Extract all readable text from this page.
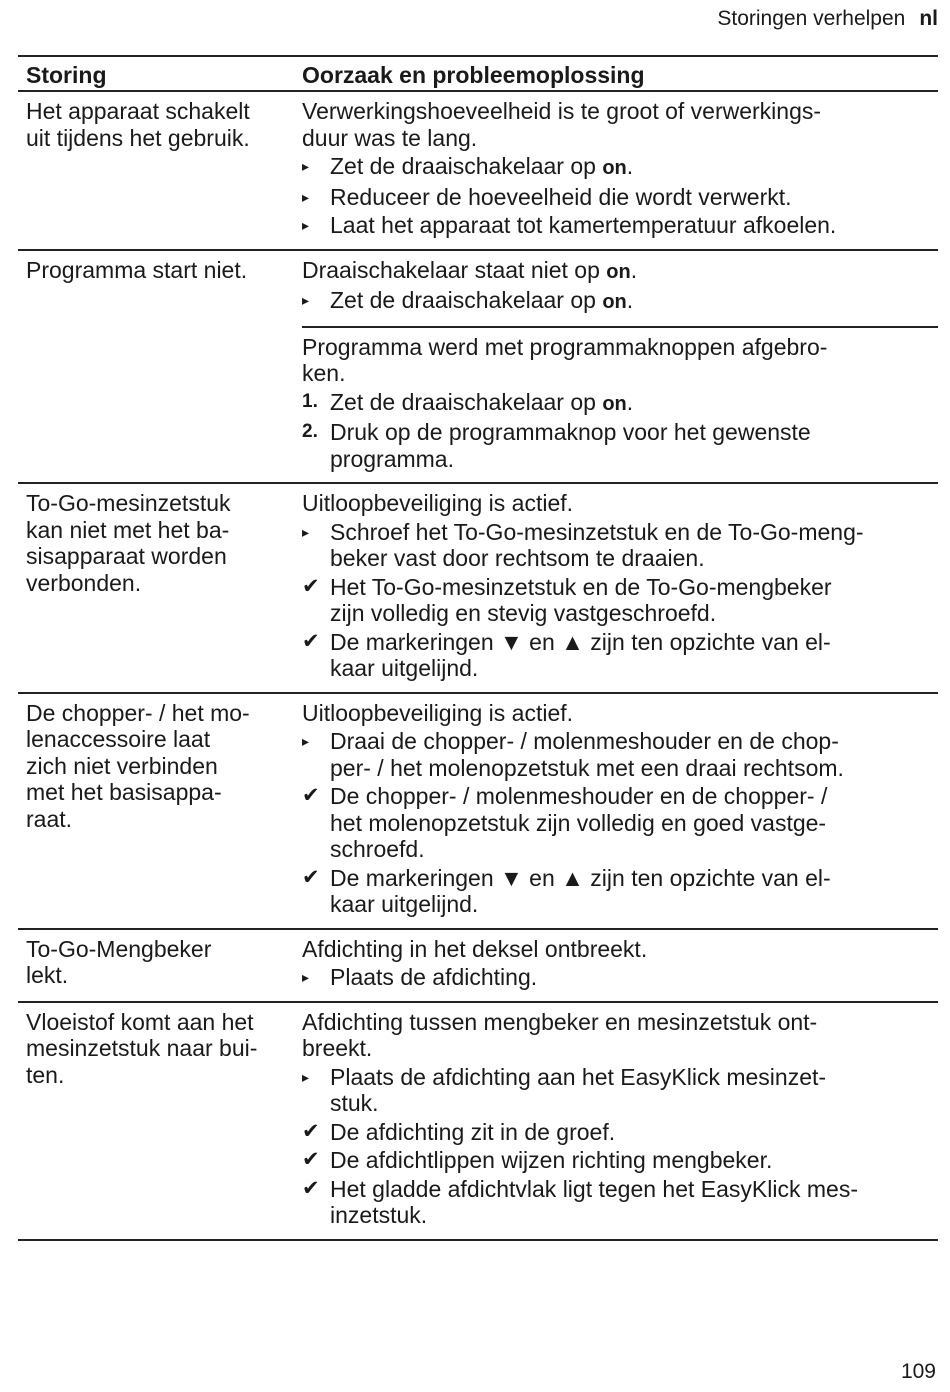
Storingen verhelpen nl
Storing	Oorzaak en probleemoplossing
Het apparaat schakelt
uit tijdens het gebruik.
Verwerkingshoeveelheid is te groot of verwerkings-
duur was te lang.
▸ Zet de draaischakelaar op on.
▸ Reduceer de hoeveelheid die wordt verwerkt.
▸ Laat het apparaat tot kamertemperatuur afkoelen.
Programma start niet.	Draaischakelaar staat niet op on.
▸ Zet de draaischakelaar op on.
Programma werd met programmaknoppen afgebro-
ken.
1. Zet de draaischakelaar op on.
2. Druk op de programmaknop voor het gewenste
programma.
To-Go-mesinzetstuk
kan niet met het ba-
sisapparaat worden
verbonden.
Uitloopbeveiliging is actief.
▸ Schroef het To-Go-mesinzetstuk en de To-Go-meng-
beker vast door rechtsom te draaien.
✔ Het To-Go-mesinzetstuk en de To-Go-mengbeker
zijn volledig en stevig vastgeschroefd.
✔ De markeringen ▼ en ▲ zijn ten opzichte van el-
kaar uitgelijnd.
De chopper- / het mo-
lenaccessoire laat
zich niet verbinden
met het basisappa-
raat.
Uitloopbeveiliging is actief.
▸ Draai de chopper- / molenmeshouder en de chop-
per- / het molenopzetstuk met een draai rechtsom.
✔ De chopper- / molenmeshouder en de chopper- /
het molenopzetstuk zijn volledig en goed vastge-
schroefd.
✔ De markeringen ▼ en ▲ zijn ten opzichte van el-
kaar uitgelijnd.
To-Go-Mengbeker
lekt.
Afdichting in het deksel ontbreekt.
▸ Plaats de afdichting.
Vloeistof komt aan het
mesinzetstuk naar bui-
ten.
Afdichting tussen mengbeker en mesinzetstuk ont-
breekt.
▸ Plaats de afdichting aan het EasyKlick mesinzet-
stuk.
✔ De afdichting zit in de groef.
✔ De afdichtlippen wijzen richting mengbeker.
✔ Het gladde afdichtvlak ligt tegen het EasyKlick mes-
inzetstuk.
109
